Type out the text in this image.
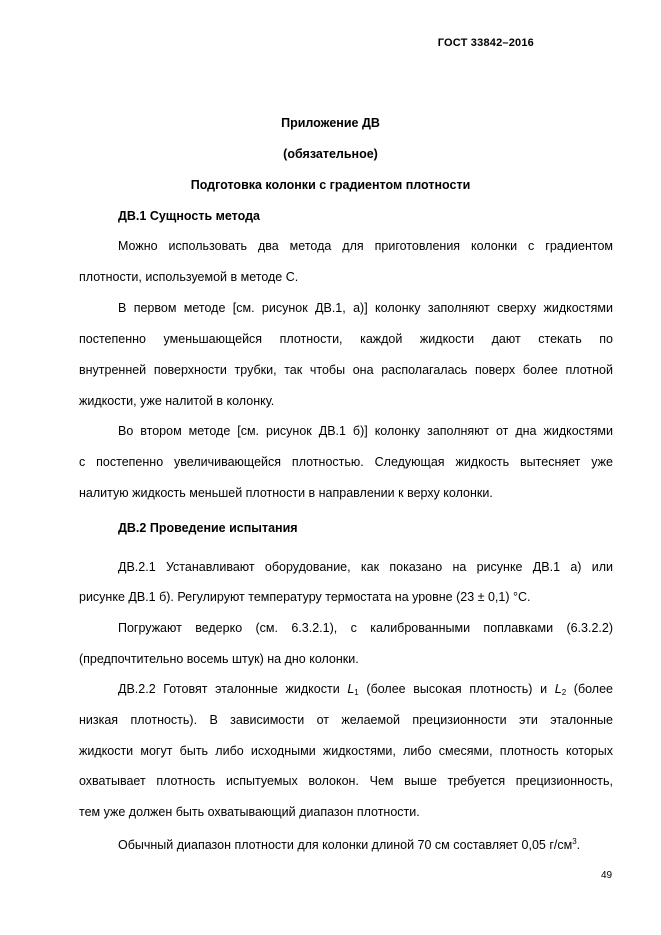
ГОСТ 33842–2016
Приложение ДВ
(обязательное)
Подготовка колонки с градиентом плотности
ДВ.1 Сущность метода
Можно использовать два метода для приготовления колонки с градиентом
плотности, используемой в методе С.
В первом методе [см. рисунок ДВ.1, а)] колонку заполняют сверху жидкостями
постепенно уменьшающейся плотности, каждой жидкости дают стекать по
внутренней поверхности трубки, так чтобы она располагалась поверх более плотной
жидкости, уже налитой в колонку.
Во втором методе [см. рисунок ДВ.1 б)] колонку заполняют от дна жидкостями
с постепенно увеличивающейся плотностью. Следующая жидкость вытесняет уже
налитую жидкость меньшей плотности в направлении к верху колонки.
ДВ.2 Проведение испытания
ДВ.2.1 Устанавливают оборудование, как показано на рисунке ДВ.1 а) или
рисунке ДВ.1 б). Регулируют температуру термостата на уровне (23 ± 0,1) °С.
Погружают ведерко (см. 6.3.2.1), с калиброванными поплавками (6.3.2.2)
(предпочтительно восемь штук) на дно колонки.
ДВ.2.2 Готовят эталонные жидкости $L_1$ (более высокая плотность) и $L_2$ (более
низкая плотность). В зависимости от желаемой прецизионности эти эталонные
жидкости могут быть либо исходными жидкостями, либо смесями, плотность которых
охватывает плотность испытуемых волокон. Чем выше требуется прецизионность,
тем уже должен быть охватывающий диапазон плотности.
Обычный диапазон плотности для колонки длиной 70 см составляет 0,05 $г/см^3$.
49
